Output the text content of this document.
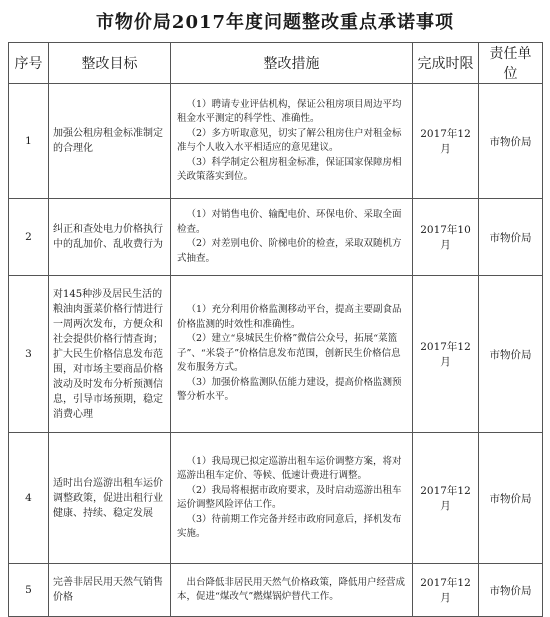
市物价局2017年度问题整改重点承诺事项
序号	整改目标	整改措施	完成时限	责任单位
1	加强公租房租金标准制定的合理化	（1）聘请专业评估机构，保证公租房项目周边平均租金水平测定的科学性、准确性。

（2）多方听取意见，切实了解公租房住户对租金标准与个人收入水平相适应的意见建议。

（3）科学制定公租房租金标准，保证国家保障房相关政策落实到位。	2017年12月	市物价局
2	纠正和查处电力价格执行中的乱加价、乱收费行为	（1）对销售电价、输配电价、环保电价、采取全面检查。

（2）对差别电价、阶梯电价的检查，采取双随机方式抽查。	2017年10月	市物价局
3	对145种涉及居民生活的粮油肉蛋菜价格行情进行一周两次发布，方便众和社会提供价格行情查询；扩大民生价格信息发布范围，对市场主要商品价格波动及时发布分析预测信息，引导市场预期，稳定消费心理	（1）充分利用价格监测移动平台，提高主要副食品价格监测的时效性和准确性。

（2）建立“泉城民生价格”微信公众号，拓展“菜篮子”、“米袋子”价格信息发布范围，创新民生价格信息发布服务方式。

（3）加强价格监测队伍能力建设，提高价格监测预警分析水平。	2017年12月	市物价局
4	适时出台巡游出租车运价调整政策，促进出租行业健康、持续、稳定发展	（1）我局现已拟定巡游出租车运价调整方案，将对巡游出租车定价、等候、低速计费进行调整。

（2）我局将根据市政府要求，及时启动巡游出租车运价调整风险评估工作。

（3）待前期工作完备并经市政府同意后，择机发布实施。	2017年12月	市物价局
5	完善非居民用天然气销售价格	出台降低非居民用天然气价格政策，降低用户经营成本，促进“煤改气”燃煤锅炉替代工作。	2017年12月	市物价局
